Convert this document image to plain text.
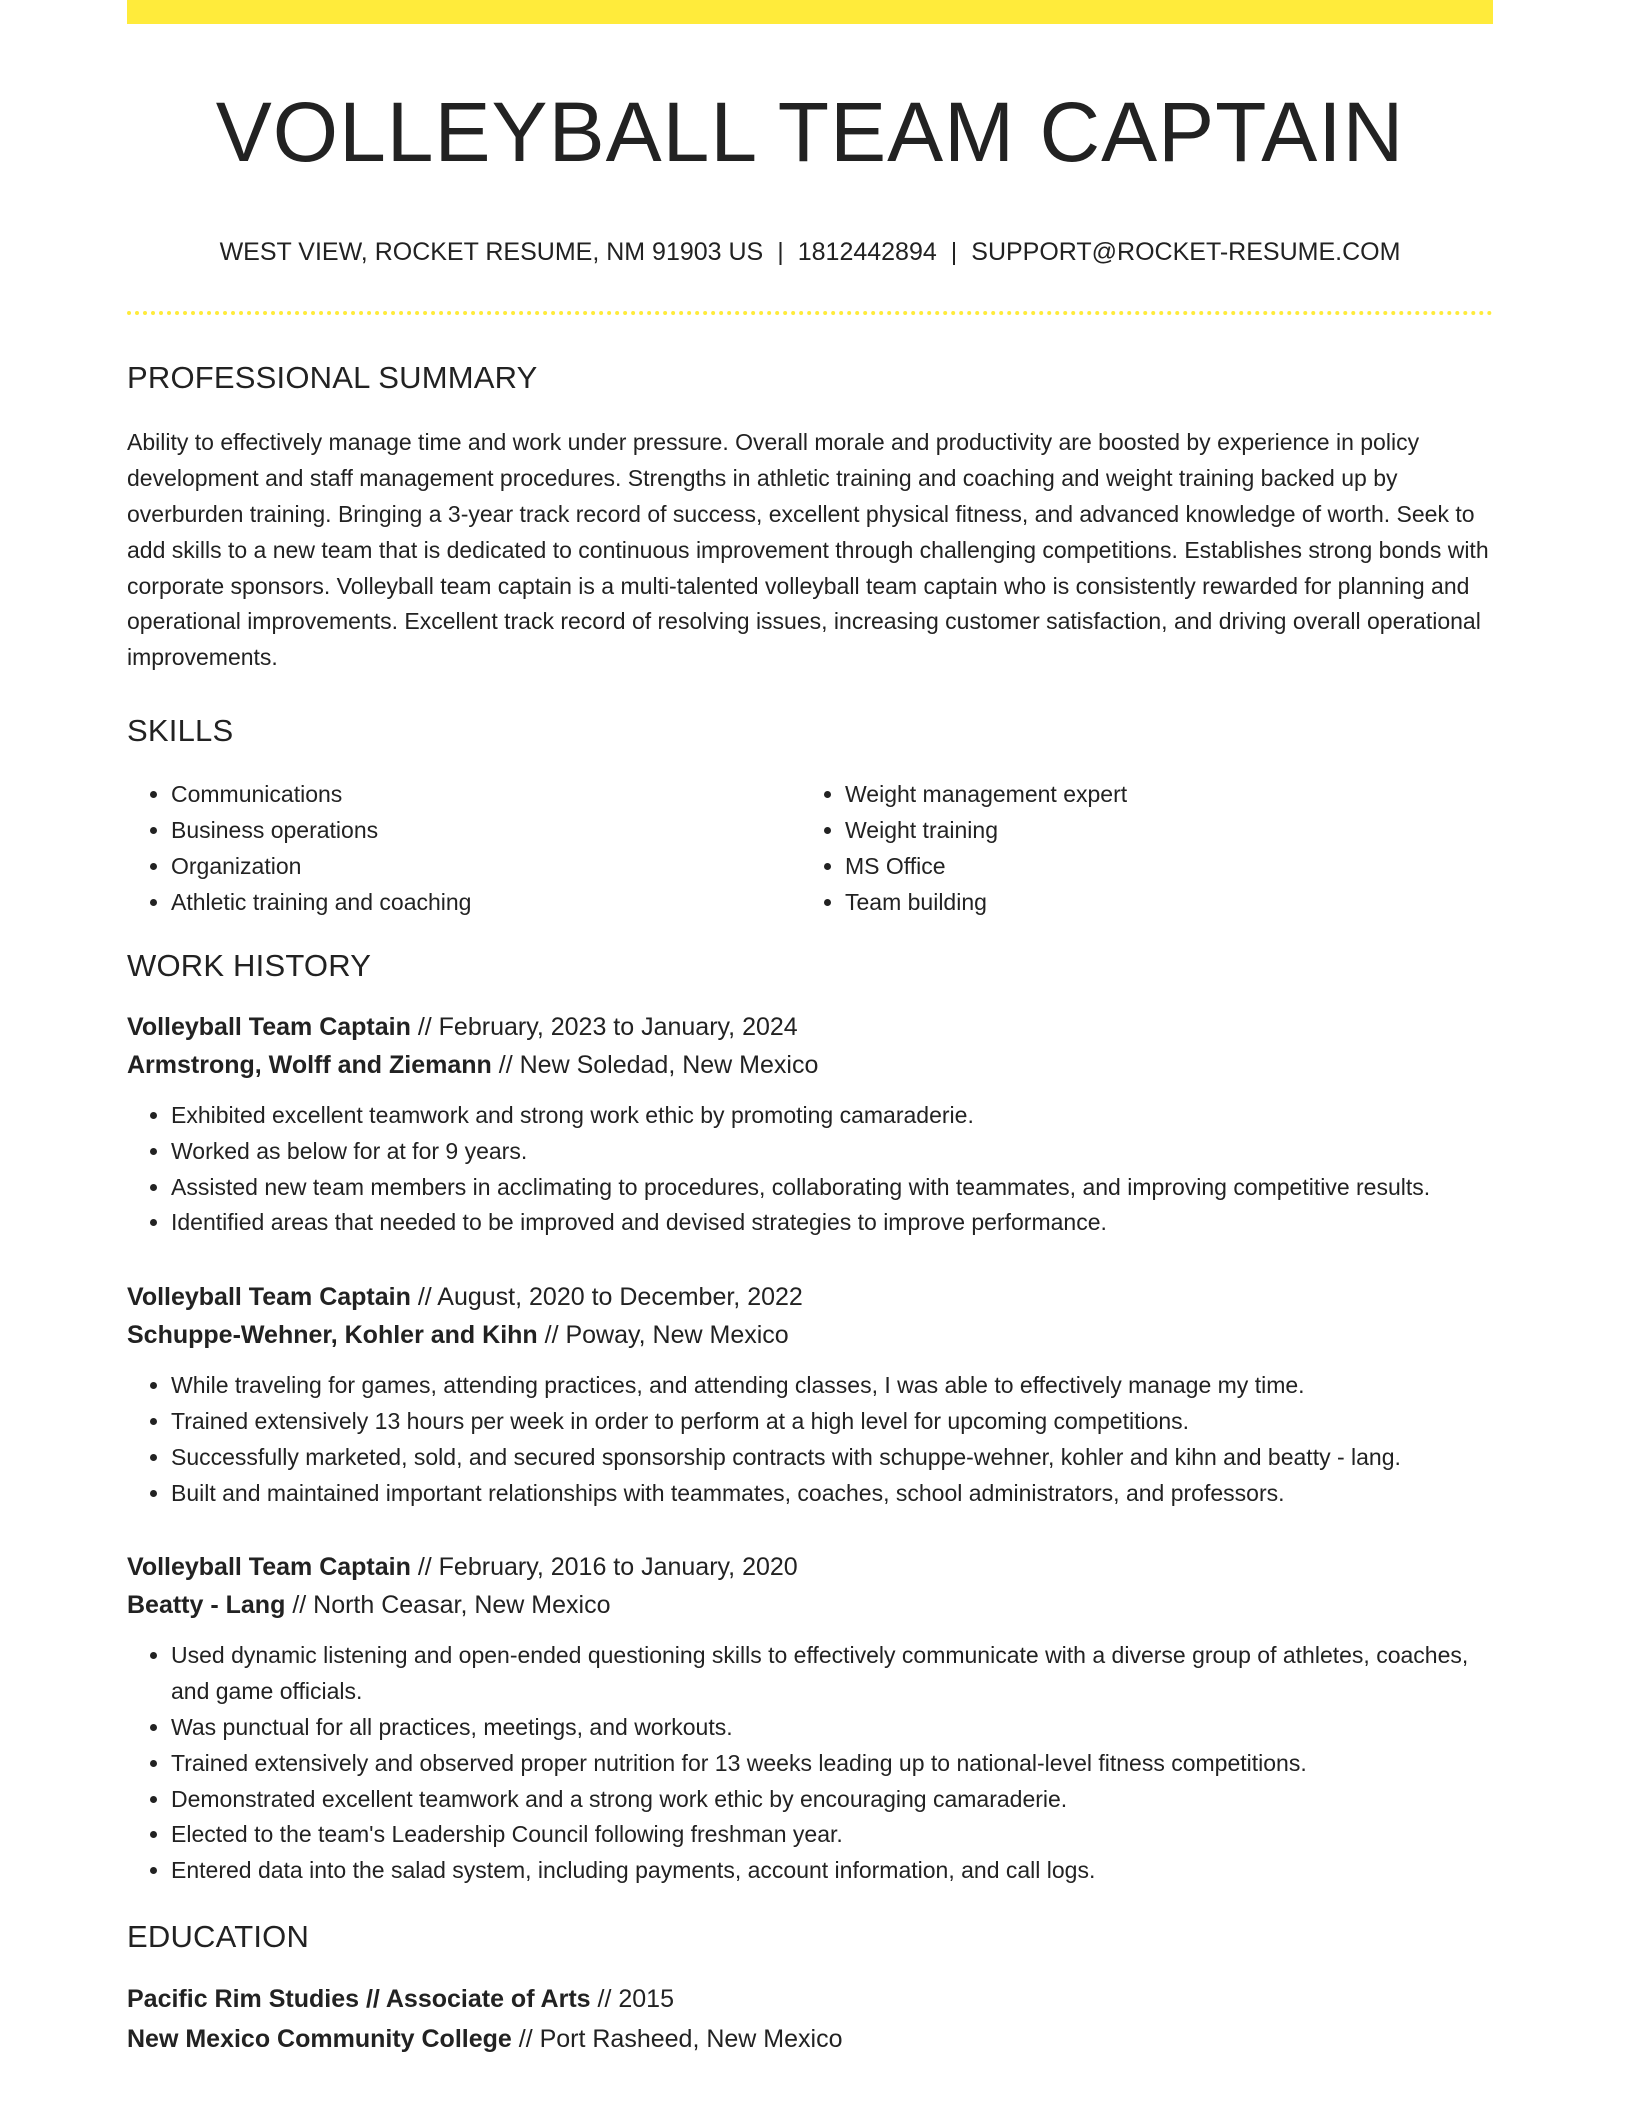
VOLLEYBALL TEAM CAPTAIN
WEST VIEW, ROCKET RESUME, NM 91903 US | 1812442894 | SUPPORT@ROCKET-RESUME.COM
PROFESSIONAL SUMMARY

Ability to effectively manage time and work under pressure. Overall morale and productivity are boosted by experience in policy development and staff management procedures. Strengths in athletic training and coaching and weight training backed up by overburden training. Bringing a 3-year track record of success, excellent physical fitness, and advanced knowledge of worth. Seek to add skills to a new team that is dedicated to continuous improvement through challenging competitions. Establishes strong bonds with corporate sponsors. Volleyball team captain is a multi-talented volleyball team captain who is consistently rewarded for planning and operational improvements. Excellent track record of resolving issues, increasing customer satisfaction, and driving overall operational improvements.

SKILLS
• Communications
• Business operations
• Organization
• Athletic training and coaching
• Weight management expert
• Weight training
• MS Office
• Team building
WORK HISTORY
Volleyball Team Captain // February, 2023 to January, 2024
Armstrong, Wolff and Ziemann // New Soledad, New Mexico
• Exhibited excellent teamwork and strong work ethic by promoting camaraderie.
• Worked as below for at for 9 years.
• Assisted new team members in acclimating to procedures, collaborating with teammates, and improving competitive results.
• Identified areas that needed to be improved and devised strategies to improve performance.
Volleyball Team Captain // August, 2020 to December, 2022
Schuppe-Wehner, Kohler and Kihn // Poway, New Mexico
• While traveling for games, attending practices, and attending classes, I was able to effectively manage my time.
• Trained extensively 13 hours per week in order to perform at a high level for upcoming competitions.
• Successfully marketed, sold, and secured sponsorship contracts with schuppe-wehner, kohler and kihn and beatty - lang.
• Built and maintained important relationships with teammates, coaches, school administrators, and professors.
Volleyball Team Captain // February, 2016 to January, 2020
Beatty - Lang // North Ceasar, New Mexico
• Used dynamic listening and open-ended questioning skills to effectively communicate with a diverse group of athletes, coaches, and game officials.
• Was punctual for all practices, meetings, and workouts.
• Trained extensively and observed proper nutrition for 13 weeks leading up to national-level fitness competitions.
• Demonstrated excellent teamwork and a strong work ethic by encouraging camaraderie.
• Elected to the team's Leadership Council following freshman year.
• Entered data into the salad system, including payments, account information, and call logs.
EDUCATION
Pacific Rim Studies // Associate of Arts // 2015
New Mexico Community College // Port Rasheed, New Mexico
